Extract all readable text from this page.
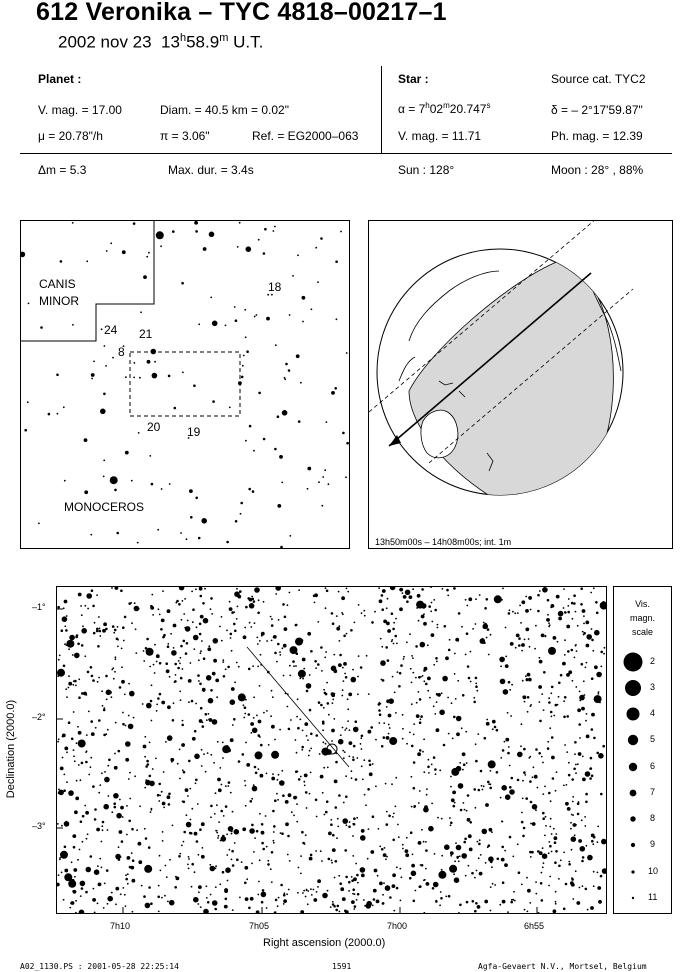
612 Veronika – TYC 4818–00217–1
2002 nov 23 13$^h$58.9$^m$ U.T.
Planet :
V. mag. = 17.00	Diam. = 40.5 km = 0.02"
μ = 20.78"/h	π = 3.06"	Ref. = EG2000–063
Δm = 5.3	Max. dur. = 3.4s
Star :	Source cat. TYC2
$\alpha = 7^h02^m20.747^s$	δ = – 2°17'59.87"
V. mag. = 11.71	Ph. mag. = 12.39
Sun : 128°	Moon : 28° , 88%
CANIS
MINOR
MONOCEROS
18
24 21
8
20 19
13h50m00s – 14h08m00s; int. 1m
–1°
–2°
–3°
7h10	7h05	7h00	6h55
Right ascension (2000.0)
Declination (2000.0)
Vis.
magn.
scale
2
3
4
5
6
7
8
9
10
11
A02_1130.PS : 2001-05-28 22:25:14	1591	Agfa-Gevaert N.V., Mortsel, Belgium
